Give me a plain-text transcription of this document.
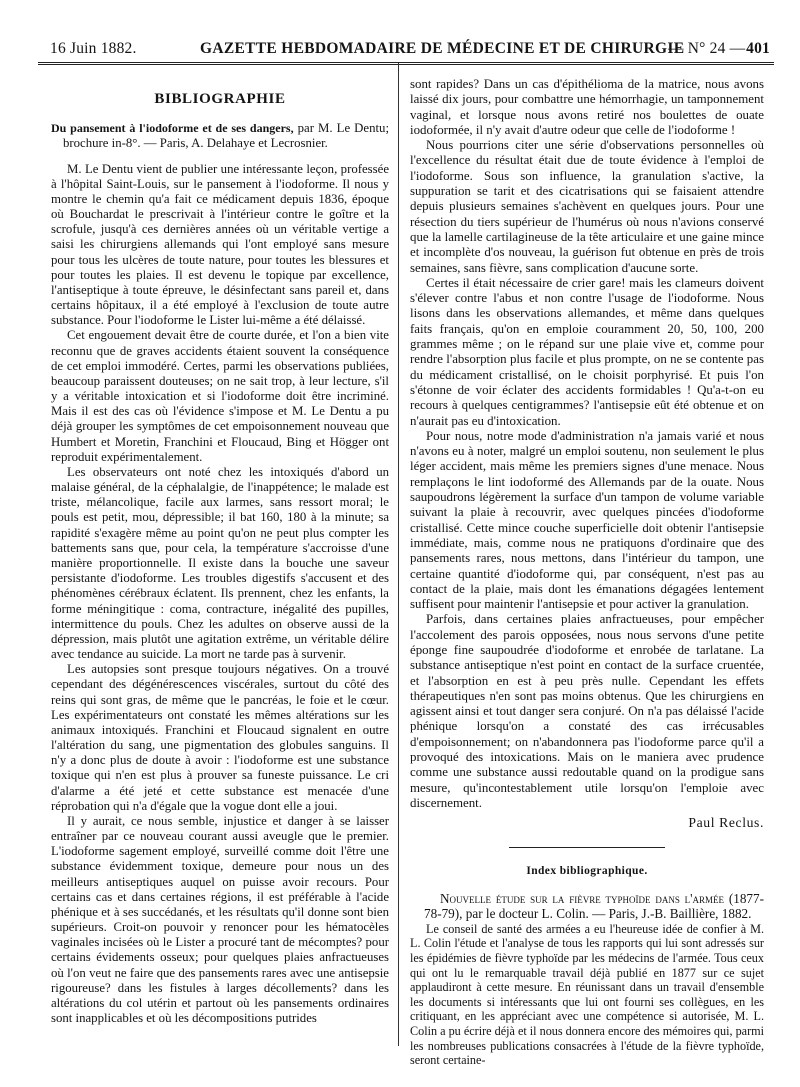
16 Juin 1882.	GAZETTE HEBDOMADAIRE DE MÉDECINE ET DE CHIRURGIE
— N° 24 — 401
BIBLIOGRAPHIE

Du pansement à l'iodoforme et de ses dangers, par M. Le Dentu; brochure in-8°. — Paris, A. Delahaye et Lecrosnier.

M. Le Dentu vient de publier une intéressante leçon, professée à l'hôpital Saint-Louis, sur le pansement à l'iodoforme. Il nous y montre le chemin qu'a fait ce médicament depuis 1836, époque où Bouchardat le prescrivait à l'intérieur contre le goître et la scrofule, jusqu'à ces dernières années où un véritable vertige a saisi les chirurgiens allemands qui l'ont employé sans mesure pour tous les ulcères de toute nature, pour toutes les blessures et pour toutes les plaies. Il est devenu le topique par excellence, l'antiseptique à toute épreuve, le désinfectant sans pareil et, dans certains hôpitaux, il a été employé à l'exclusion de toute autre substance. Pour l'iodoforme le Lister lui-même a été délaissé.

Cet engouement devait être de courte durée, et l'on a bien vite reconnu que de graves accidents étaient souvent la conséquence de cet emploi immodéré. Certes, parmi les observations publiées, beaucoup paraissent douteuses; on ne sait trop, à leur lecture, s'il y a véritable intoxication et si l'iodoforme doit être incriminé. Mais il est des cas où l'évidence s'impose et M. Le Dentu a pu déjà grouper les symptômes de cet empoisonnement nouveau que Humbert et Moretin, Franchini et Floucaud, Bing et Högger ont reproduit expérimentalement.

Les observateurs ont noté chez les intoxiqués d'abord un malaise général, de la céphalalgie, de l'inappétence; le malade est triste, mélancolique, facile aux larmes, sans ressort moral; le pouls est petit, mou, dépressible; il bat 160, 180 à la minute; sa rapidité s'exagère même au point qu'on ne peut plus compter les battements sans que, pour cela, la température s'accroisse d'une manière proportionnelle. Il existe dans la bouche une saveur persistante d'iodoforme. Les troubles digestifs s'accusent et des phénomènes cérébraux éclatent. Ils prennent, chez les enfants, la forme méningitique : coma, contracture, inégalité des pupilles, intermittence du pouls. Chez les adultes on observe aussi de la dépression, mais plutôt une agitation extrême, un véritable délire avec tendance au suicide. La mort ne tarde pas à survenir.

Les autopsies sont presque toujours négatives. On a trouvé cependant des dégénérescences viscérales, surtout du côté des reins qui sont gras, de même que le pancréas, le foie et le cœur. Les expérimentateurs ont constaté les mêmes altérations sur les animaux intoxiqués. Franchini et Floucaud signalent en outre l'altération du sang, une pigmentation des globules sanguins. Il n'y a donc plus de doute à avoir : l'iodoforme est une substance toxique qui n'en est plus à prouver sa funeste puissance. Le cri d'alarme a été jeté et cette substance est menacée d'une réprobation qui n'a d'égale que la vogue dont elle a joui.

Il y aurait, ce nous semble, injustice et danger à se laisser entraîner par ce nouveau courant aussi aveugle que le premier. L'iodoforme sagement employé, surveillé comme doit l'être une substance évidemment toxique, demeure pour nous un des meilleurs antiseptiques auquel on puisse avoir recours. Pour certains cas et dans certaines régions, il est préférable à l'acide phénique et à ses succédanés, et les résultats qu'il donne sont bien supérieurs. Croit-on pouvoir y renoncer pour les hématocèles vaginales incisées où le Lister a procuré tant de mécomptes? pour certains évidements osseux; pour quelques plaies anfractueuses où l'on veut ne faire que des pansements rares avec une antisepsie rigoureuse? dans les fistules à larges décollements? dans les altérations du col utérin et partout où les pansements ordinaires sont inapplicables et où les décompositions putrides

sont rapides? Dans un cas d'épithélioma de la matrice, nous avons laissé dix jours, pour combattre une hémorrhagie, un tamponnement vaginal, et lorsque nous avons retiré nos boulettes de ouate iodoformée, il n'y avait d'autre odeur que celle de l'iodoforme !

Nous pourrions citer une série d'observations personnelles où l'excellence du résultat était due de toute évidence à l'emploi de l'iodoforme. Sous son influence, la granulation s'active, la suppuration se tarit et des cicatrisations qui se faisaient attendre depuis plusieurs semaines s'achèvent en quelques jours. Pour une résection du tiers supérieur de l'humérus où nous n'avions conservé que la lamelle cartilagineuse de la tête articulaire et une gaine mince et incomplète d'os nouveau, la guérison fut obtenue en près de trois semaines, sans fièvre, sans complication d'aucune sorte.

Certes il était nécessaire de crier gare! mais les clameurs doivent s'élever contre l'abus et non contre l'usage de l'iodoforme. Nous lisons dans les observations allemandes, et même dans quelques faits français, qu'on en emploie couramment 20, 50, 100, 200 grammes même ; on le répand sur une plaie vive et, comme pour rendre l'absorption plus facile et plus prompte, on ne se contente pas du médicament cristallisé, on le choisit porphyrisé. Et puis l'on s'étonne de voir éclater des accidents formidables ! Qu'a-t-on eu recours à quelques centigrammes? l'antisepsie eût été obtenue et on n'aurait pas eu d'intoxication.

Pour nous, notre mode d'administration n'a jamais varié et nous n'avons eu à noter, malgré un emploi soutenu, non seulement le plus léger accident, mais même les premiers signes d'une menace. Nous remplaçons le lint iodoformé des Allemands par de la ouate. Nous saupoudrons légèrement la surface d'un tampon de volume variable suivant la plaie à recouvrir, avec quelques pincées d'iodoforme cristallisé. Cette mince couche superficielle doit obtenir l'antisepsie immédiate, mais, comme nous ne pratiquons d'ordinaire que des pansements rares, nous mettons, dans l'intérieur du tampon, une certaine quantité d'iodoforme qui, par conséquent, n'est pas au contact de la plaie, mais dont les émanations dégagées lentement suffisent pour maintenir l'antisepsie et pour activer la granulation.

Parfois, dans certaines plaies anfractueuses, pour empêcher l'accolement des parois opposées, nous nous servons d'une petite éponge fine saupoudrée d'iodoforme et enrobée de tarlatane. La substance antiseptique n'est point en contact de la surface cruentée, et l'absorption en est à peu près nulle. Cependant les effets thérapeutiques n'en sont pas moins obtenus. Que les chirurgiens en agissent ainsi et tout danger sera conjuré. On n'a pas délaissé l'acide phénique lorsqu'on a constaté des cas irrécusables d'empoisonnement; on n'abandonnera pas l'iodoforme parce qu'il a provoqué des intoxications. Mais on le maniera avec prudence comme une substance aussi redoutable quand on la prodigue sans mesure, qu'incontestablement utile lorsqu'on l'emploie avec discernement.

Paul Reclus.
Index bibliographique.

Nouvelle étude sur la fièvre typhoïde dans l'armée (1877-78-79), par le docteur L. Colin. — Paris, J.-B. Baillière, 1882.

Le conseil de santé des armées a eu l'heureuse idée de confier à M. L. Colin l'étude et l'analyse de tous les rapports qui lui sont adressés sur les épidémies de fièvre typhoïde par les médecins de l'armée. Tous ceux qui ont lu le remarquable travail déjà publié en 1877 sur ce sujet applaudiront à cette mesure. En réunissant dans un travail d'ensemble les documents si intéressants que lui ont fourni ses collègues, en les critiquant, en les appréciant avec une compétence si autorisée, M. L. Colin a pu écrire déjà et il nous donnera encore des mémoires qui, parmi les nombreuses publications consacrées à l'étude de la fièvre typhoïde, seront certaine-
